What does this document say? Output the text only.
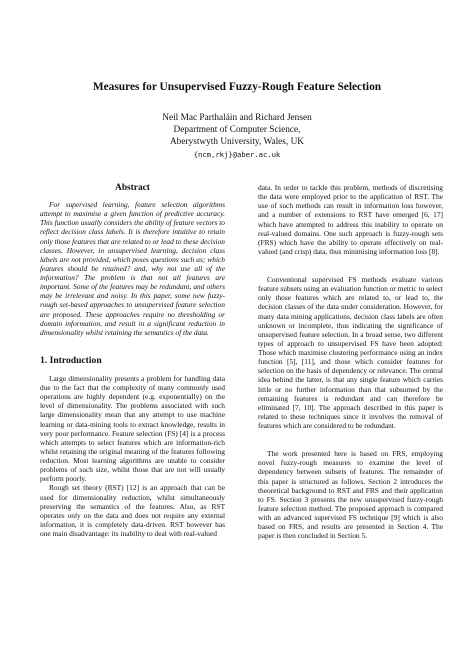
Measures for Unsupervised Fuzzy-Rough Feature Selection
Neil Mac Parthaláin and Richard Jensen
Department of Computer Science,
Aberystwyth University, Wales, UK
{ncm,rkj}@aber.ac.uk
Abstract
For supervised learning, feature selection algorithms attempt to maximise a given function of predictive accuracy. This function usually considers the ability of feature vectors to reflect decision class labels. It is therefore intuitive to retain only those features that are related to or lead to these decision classes. However, in unsupervised learning, decision class labels are not provided, which poses questions such as; which features should be retained? and, why not use all of the information? The problem is that not all features are important. Some of the features may be redundant, and others may be irrelevant and noisy. In this paper, some new fuzzy-rough set-based approaches to unsupervised feature selection are proposed. These approaches require no thresholding or domain information, and result in a significant reduction in dimensionality whilst retaining the semantics of the data.
1. Introduction

Large dimensionality presents a problem for handling data due to the fact that the complexity of many commonly used operations are highly dependent (e.g. exponentially) on the level of dimensionality. The problems associated with such large dimensionality mean that any attempt to use machine learning or data-mining tools to extract knowledge, results in very poor performance. Feature selection (FS) [4] is a process which attempts to select features which are information-rich whilst retaining the original meaning of the features following reduction. Most learning algorithms are unable to consider problems of such size, whilst those that are not will usually perform poorly.

Rough set theory (RST) [12] is an approach that can be used for dimensionality reduction, whilst simultaneously preserving the semantics of the features. Also, as RST operates only on the data and does not require any external information, it is completely data-driven. RST however has one main disadvantage: its inability to deal with real-valued

data. In order to tackle this problem, methods of discretising the data were employed prior to the application of RST. The use of such methods can result in information loss however, and a number of extensions to RST have emerged [6, 17] which have attempted to address this inability to operate on real-valued domains. One such approach is fuzzy-rough sets (FRS) which have the ability to operate effectively on real-valued (and crisp) data, thus minimising information loss [8].

Conventional supervised FS methods evaluate various feature subsets using an evaluation function or metric to select only those features which are related to, or lead to, the decision classes of the data under consideration. However, for many data mining applications, decision class labels are often unknown or incomplete, thus indicating the significance of unsupervised feature selection. In a broad sense, two different types of approach to unsupervised FS have been adopted: Those which maximise clustering performance using an index function [5], [11], and those which consider features for selection on the basis of dependency or relevance. The central idea behind the latter, is that any single feature which carries little or no further information than that subsumed by the remaining features is redundant and can therefore be eliminated [7, 10]. The approach described in this paper is related to these techniques since it involves the removal of features which are considered to be redundant.

The work presented here is based on FRS, employing novel fuzzy-rough measures to examine the level of dependency between subsets of features. The remainder of this paper is structured as follows. Section 2 introduces the theoretical background to RST and FRS and their application to FS. Section 3 presents the new unsupervised fuzzy-rough feature selection method. The proposed approach is compared with an advanced supervised FS technique [9] which is also based on FRS, and results are presented in Section 4. The paper is then concluded in Section 5.
